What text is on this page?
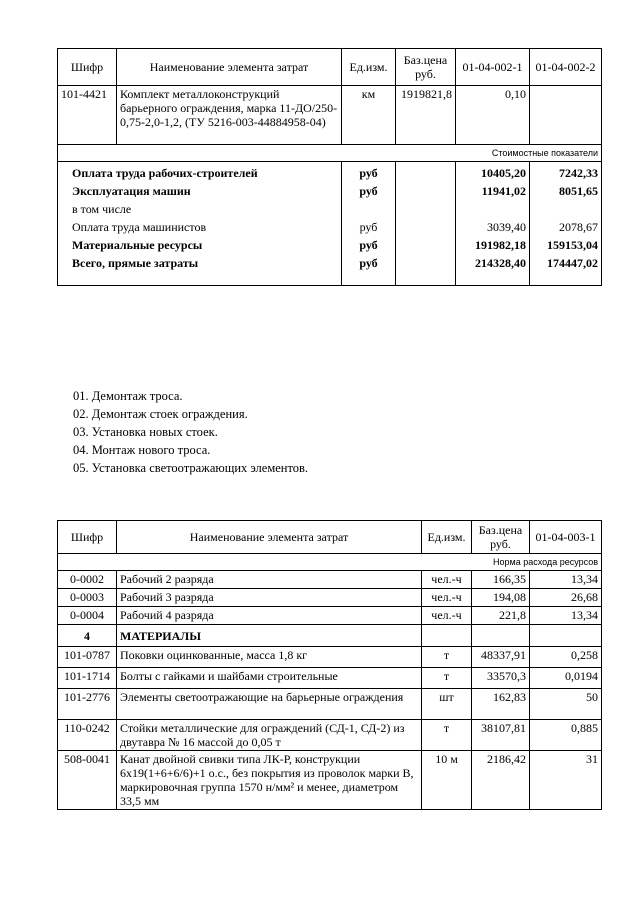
Шифр	Наименование элемента затрат	Ед.изм.	Баз.цена руб.	01-04-002-1	01-04-002-2
101-4421	Комплект металлоконструкций барьерного ограждения, марка 11-ДО/250-0,75-2,0-1,2, (ТУ 5216-003-44884958-04)	км	1919821,8	0,10	
Стоимостные показатели					
Оплата труда рабочих-строителей		руб		10405,20	7242,33
Эксплуатация машин		руб		11941,02	8051,65
в том числе					
Оплата труда машинистов		руб		3039,40	2078,67
Материальные ресурсы		руб		191982,18	159153,04
Всего, прямые затраты		руб		214328,40	174447,02

01. Демонтаж троса.
02. Демонтаж стоек ограждения.
03. Установка новых стоек.
04. Монтаж нового троса.
05. Установка светоотражающих элементов.
Шифр	Наименование элемента затрат	Ед.изм.	Баз.цена руб.	01-04-003-1
Норма расхода ресурсов				
0-0002	Рабочий 2 разряда	чел.-ч	166,35	13,34
0-0003	Рабочий 3 разряда	чел.-ч	194,08	26,68
0-0004	Рабочий 4 разряда	чел.-ч	221,8	13,34
4	МАТЕРИАЛЫ			
101-0787	Поковки оцинкованные, масса 1,8 кг	т	48337,91	0,258
101-1714	Болты с гайками и шайбами строительные	т	33570,3	0,0194
101-2776	Элементы светоотражающие на барьерные ограждения	шт	162,83	50
110-0242	Стойки металлические для ограждений (СД-1, СД-2) из двутавра № 16 массой до 0,05 т	т	38107,81	0,885
508-0041	Канат двойной свивки типа ЛК-Р, конструкции 6х19(1+6+6/6)+1 о.с., без покрытия из проволок марки В, маркировочная группа 1570 н/мм² и менее, диаметром 33,5 мм	10 м	2186,42	31
